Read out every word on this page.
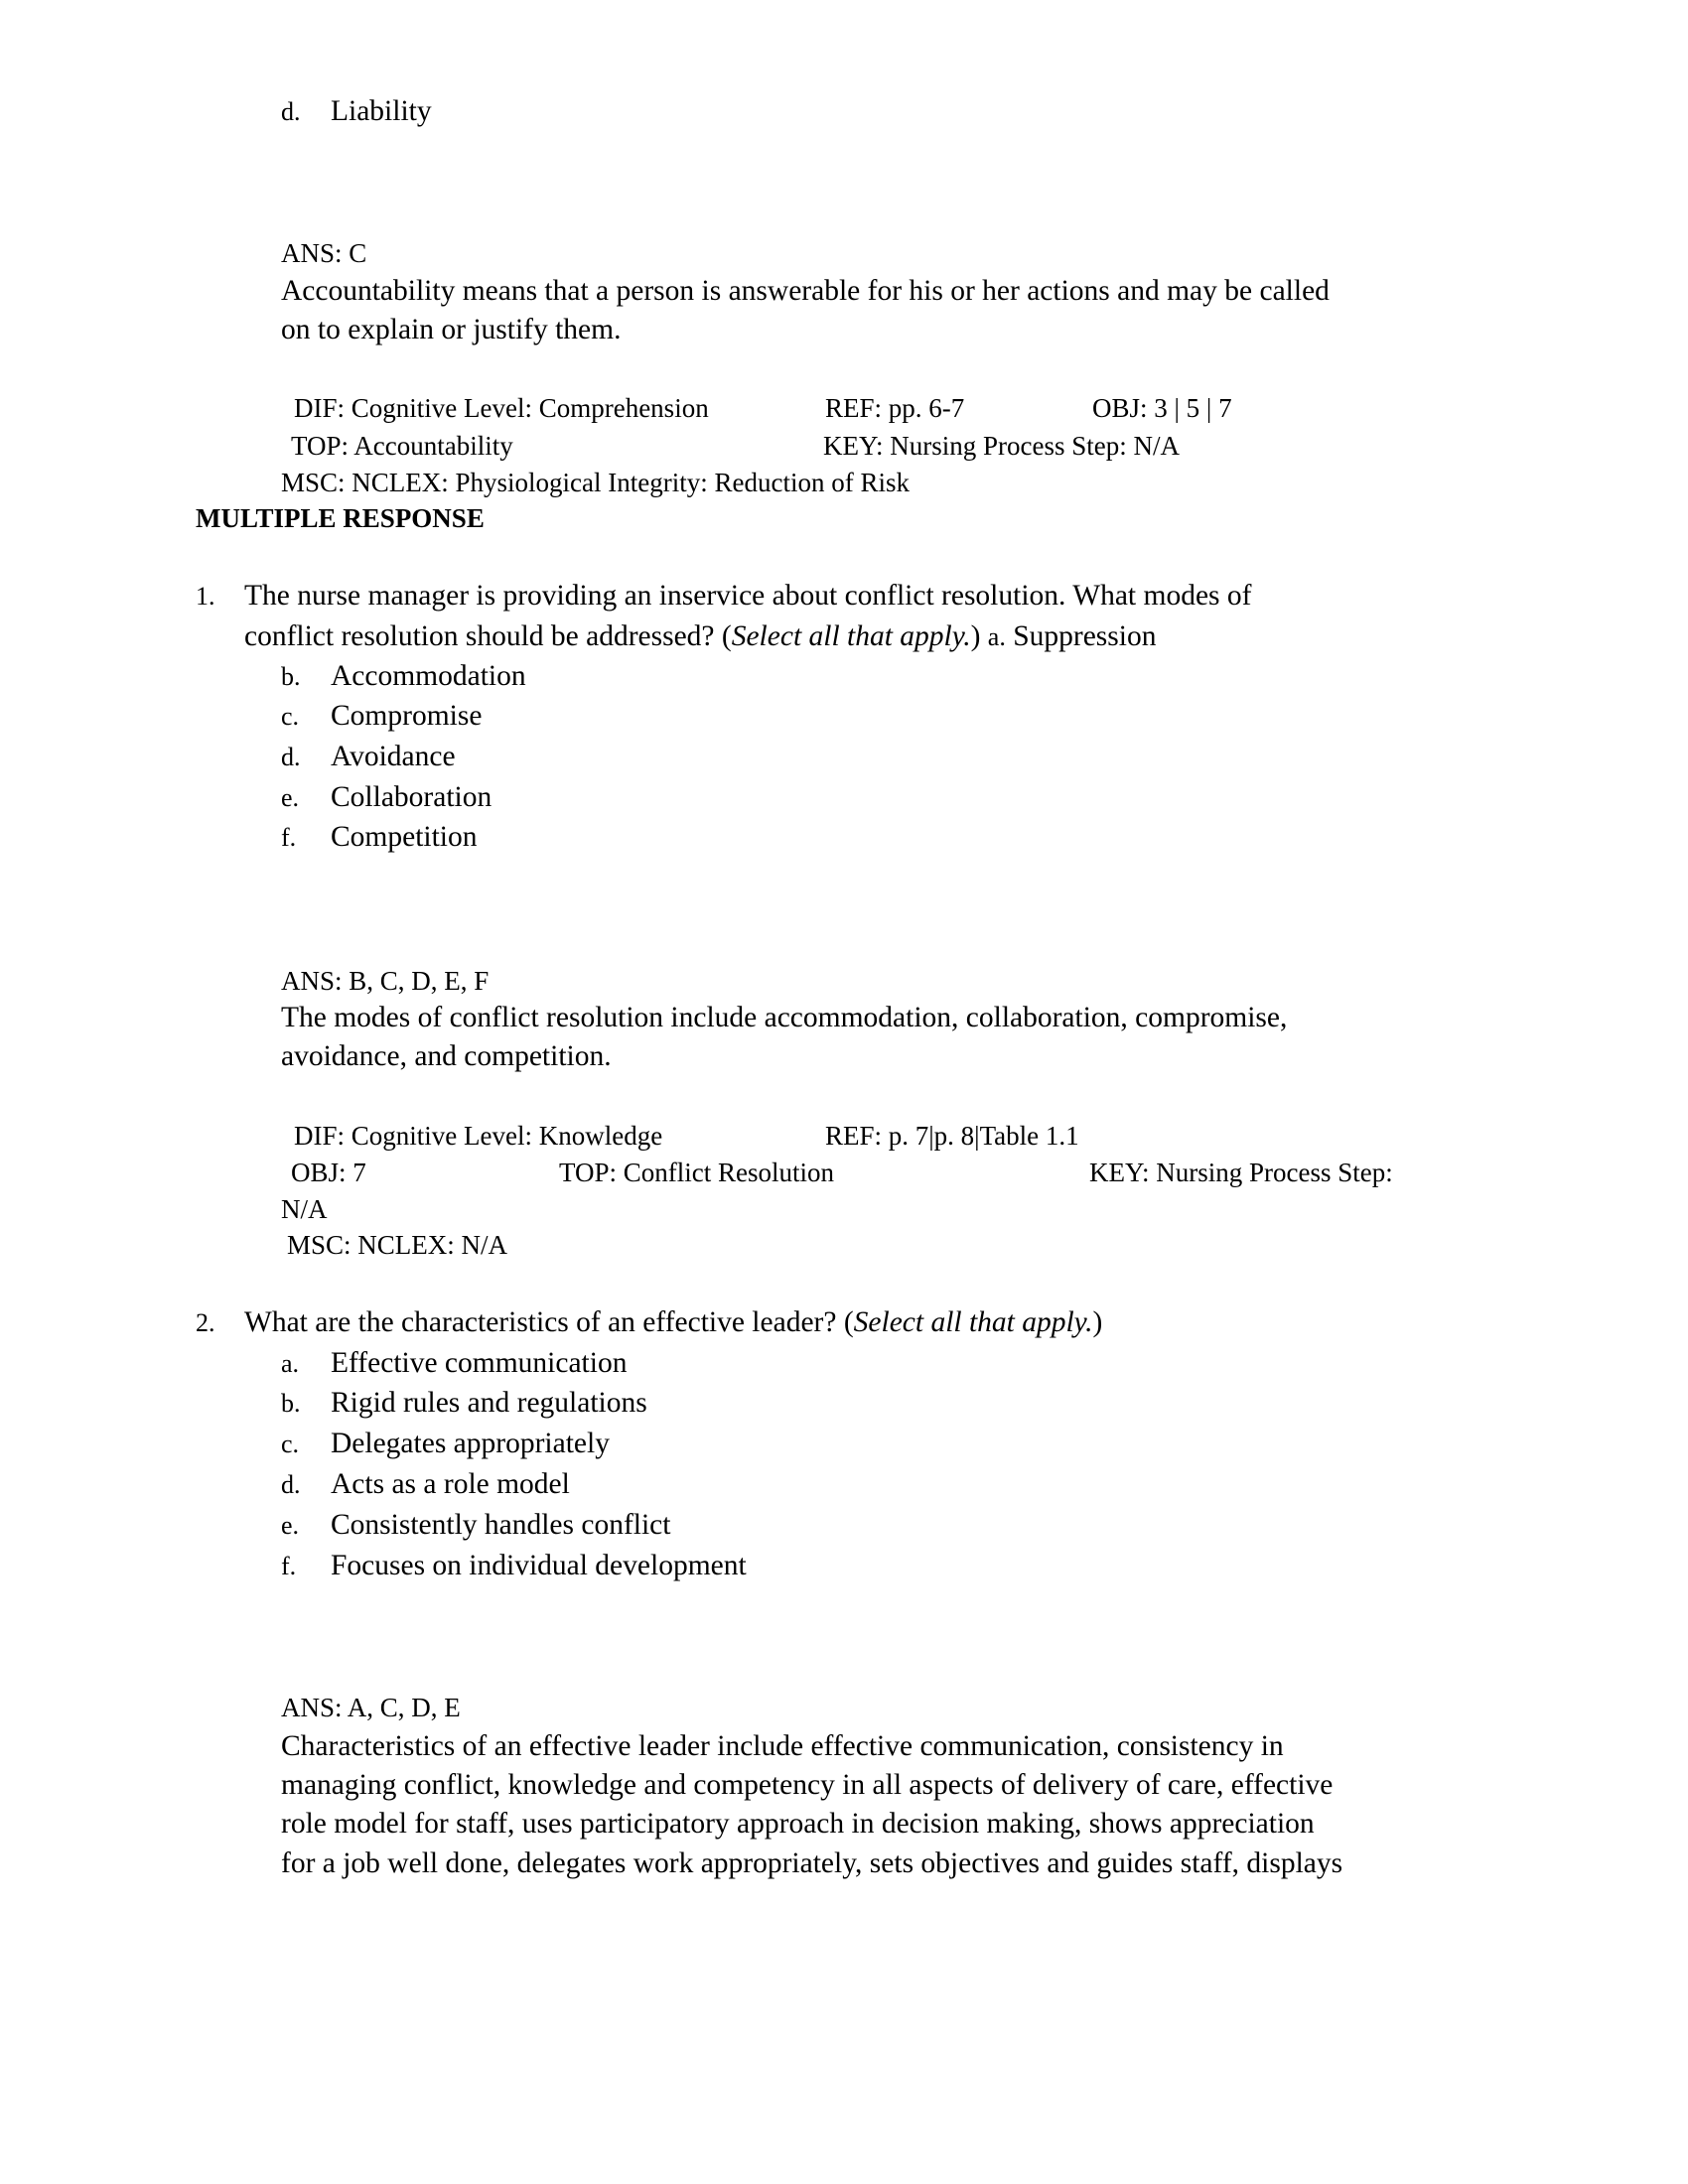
d. Liability
ANS: C
Accountability means that a person is answerable for his or her actions and may be called
on to explain or justify them.
DIF: Cognitive Level: Comprehension	REF: pp. 6-7	OBJ: 3 | 5 | 7
TOP: Accountability	KEY: Nursing Process Step: N/A
MSC: NCLEX: Physiological Integrity: Reduction of Risk
MULTIPLE RESPONSE
1. The nurse manager is providing an inservice about conflict resolution. What modes of
conflict resolution should be addressed? (Select all that apply.) a. Suppression
b. Accommodation
c. Compromise
d. Avoidance
e. Collaboration
f. Competition
ANS: B, C, D, E, F
The modes of conflict resolution include accommodation, collaboration, compromise,
avoidance, and competition.
DIF: Cognitive Level: Knowledge	REF: p. 7|p. 8|Table 1.1
OBJ: 7	TOP: Conflict Resolution	KEY: Nursing Process Step:
N/A
MSC: NCLEX: N/A
2. What are the characteristics of an effective leader? (Select all that apply.)
a. Effective communication
b. Rigid rules and regulations
c. Delegates appropriately
d. Acts as a role model
e. Consistently handles conflict
f. Focuses on individual development
ANS: A, C, D, E
Characteristics of an effective leader include effective communication, consistency in
managing conflict, knowledge and competency in all aspects of delivery of care, effective
role model for staff, uses participatory approach in decision making, shows appreciation
for a job well done, delegates work appropriately, sets objectives and guides staff, displays
